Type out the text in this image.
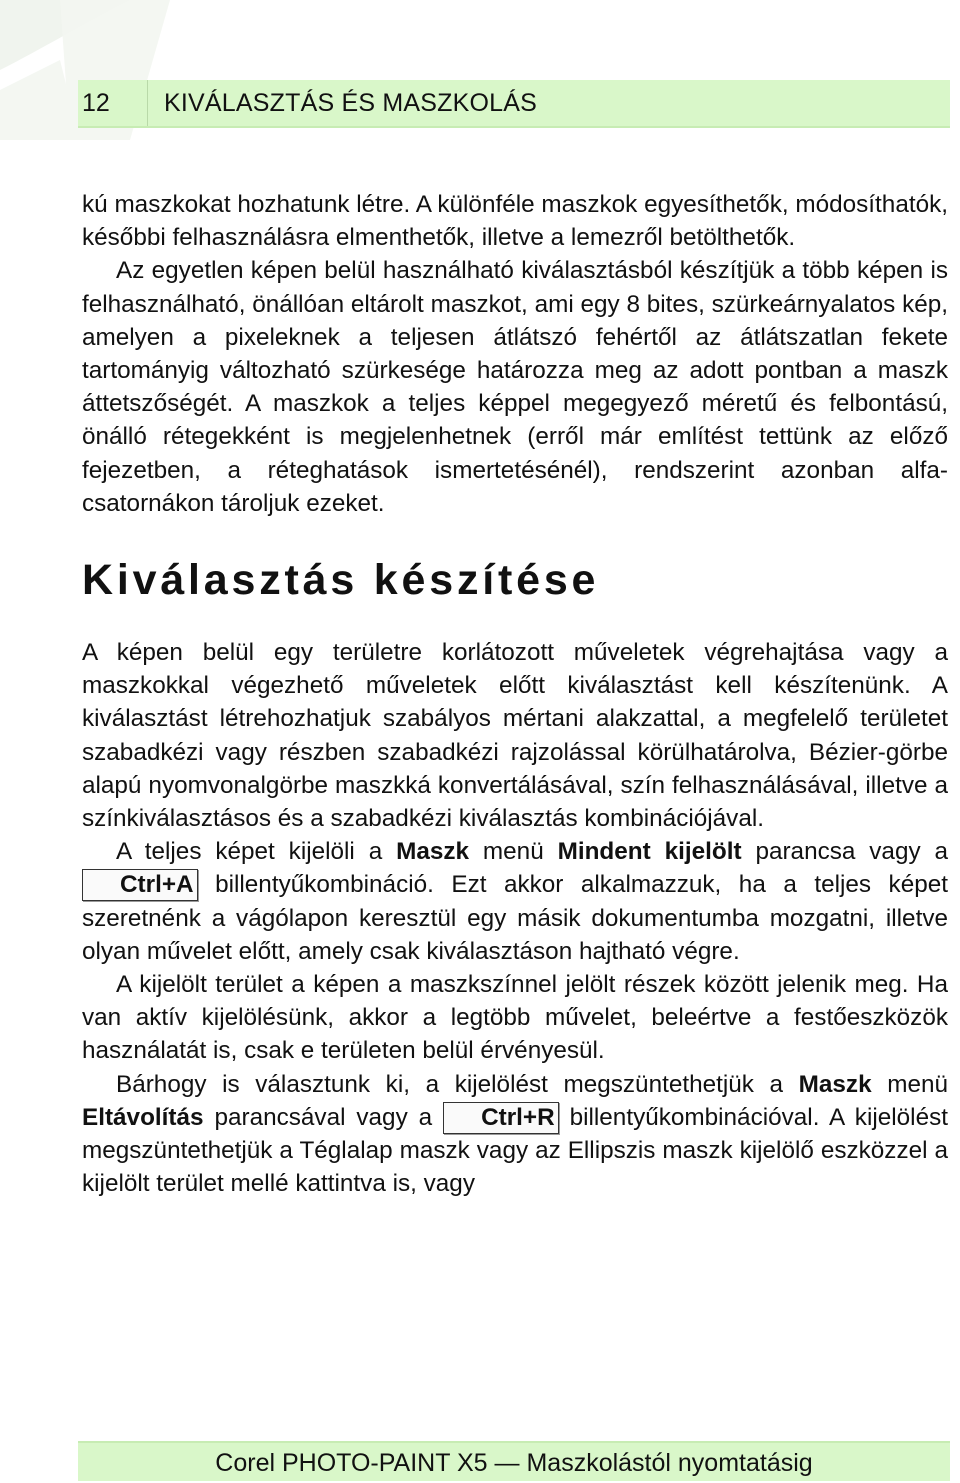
12	KIVÁLASZTÁS ÉS MASZKOLÁS

kú maszkokat hozhatunk létre. A különféle maszkok egyesíthetők, módosíthatók, későbbi felhasználásra elmenthetők, illetve a lemezről betölthetők.

Az egyetlen képen belül használható kiválasztásból készítjük a több képen is felhasználható, önállóan eltárolt maszkot, ami egy 8 bites, szürkeárnyalatos kép, amelyen a pixeleknek a teljesen átlátszó fehértől az átlátszatlan fekete tartományig változható szürkesége határozza meg az adott pontban a maszk áttetszőségét. A maszkok a teljes képpel megegyező méretű és felbontású, önálló rétegekként is megjelenhetnek (erről már említést tettünk az előző fejezetben, a réteghatások ismertetésénél), rendszerint azonban alfa-csatornákon tároljuk ezeket.

Kiválasztás készítése

A képen belül egy területre korlátozott műveletek végrehajtása vagy a maszkokkal végezhető műveletek előtt kiválasztást kell készítenünk. A kiválasztást létrehozhatjuk szabályos mértani alakzattal, a megfelelő területet szabadkézi vagy részben szabadkézi rajzolással körülhatárolva, Bézier-görbe alapú nyomvonalgörbe maszkká konvertálásával, szín felhasználásával, illetve a színkiválasztásos és a szabadkézi kiválasztás kombinációjával.

A teljes képet kijelöli a Maszk menü Mindent kijelölt parancsa vagy a Ctrl+A billentyűkombináció. Ezt akkor alkalmazzuk, ha a teljes képet szeretnénk a vágólapon keresztül egy másik dokumentumba mozgatni, illetve olyan művelet előtt, amely csak kiválasztáson hajtható végre.

A kijelölt terület a képen a maszkszínnel jelölt részek között jelenik meg. Ha van aktív kijelölésünk, akkor a legtöbb művelet, beleértve a festőeszközök használatát is, csak e területen belül érvényesül.

Bárhogy is választunk ki, a kijelölést megszüntethetjük a Maszk menü Eltávolítás parancsával vagy a Ctrl+R billentyűkombinációval. A kijelölést megszüntethetjük a Téglalap maszk vagy az Ellipszis maszk kijelölő eszközzel a kijelölt terület mellé kattintva is, vagy

Corel PHOTO-PAINT X5 — Maszkolástól nyomtatásig
